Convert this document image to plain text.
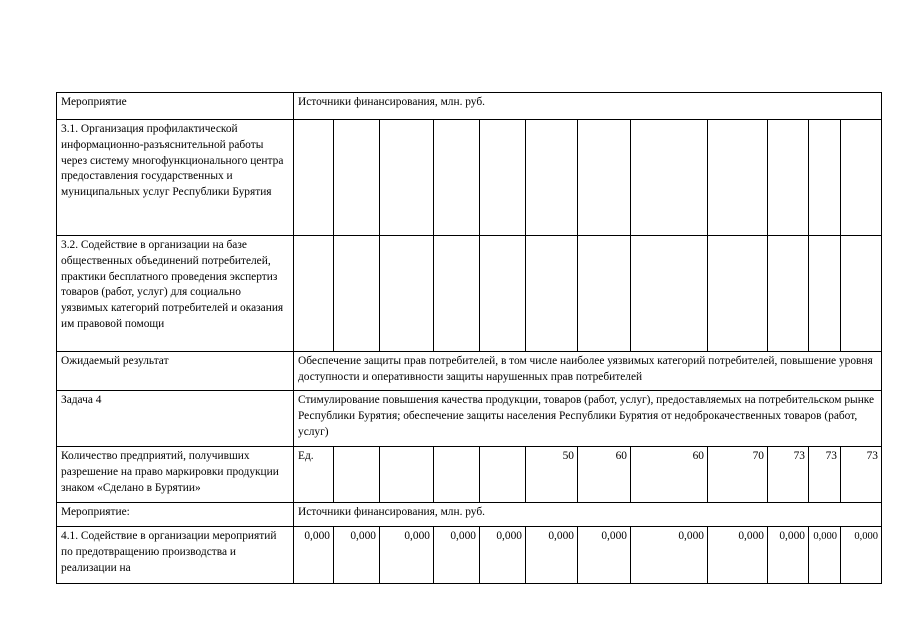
Мероприятие	Источники финансирования, млн. руб.											
3.1. Организация профилактической информационно-разъяснительной работы через систему многофункционального центра предоставления государственных и муниципальных услуг Республики Бурятия												
3.2. Содействие в организации на базе общественных объединений потребителей, практики бесплатного проведения экспертиз товаров (работ, услуг) для социально уязвимых категорий потребителей и оказания им правовой помощи												
Ожидаемый результат	Обеспечение защиты прав потребителей, в том числе наиболее уязвимых категорий потребителей, повышение уровня доступности и оперативности защиты нарушенных прав потребителей											
Задача 4	Стимулирование повышения качества продукции, товаров (работ, услуг), предоставляемых на потребительском рынке Республики Бурятия; обеспечение защиты населения Республики Бурятия от недоброкачественных товаров (работ, услуг)											
Количество предприятий, получивших разрешение на право маркировки продукции знаком «Сделано в Бурятии»	Ед.					50	60	60	70	73	73	73
Мероприятие:	Источники финансирования, млн. руб.											
4.1. Содействие в организации мероприятий по предотвращению производства и реализации на	0,000	0,000	0,000	0,000	0,000	0,000	0,000	0,000	0,000	0,000	0,000	0,000
